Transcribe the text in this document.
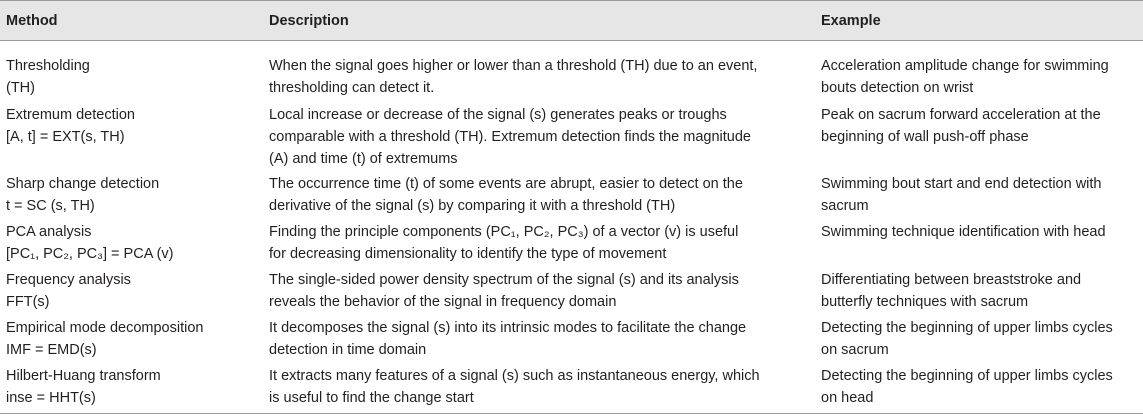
Method	Description	Example
Thresholding
(TH)
When the signal goes higher or lower than a threshold (TH) due to an event,
thresholding can detect it.
Acceleration amplitude change for swimming
bouts detection on wrist
Extremum detection
[A, t] = EXT(s, TH)
Local increase or decrease of the signal (s) generates peaks or troughs
comparable with a threshold (TH). Extremum detection finds the magnitude
(A) and time (t) of extremums
Peak on sacrum forward acceleration at the
beginning of wall push-off phase
Sharp change detection
t = SC (s, TH)
The occurrence time (t) of some events are abrupt, easier to detect on the
derivative of the signal (s) by comparing it with a threshold (TH)
Swimming bout start and end detection with
sacrum
PCA analysis
[PC₁, PC₂, PC₃] = PCA (v)
Finding the principle components (PC₁, PC₂, PC₃) of a vector (v) is useful
for decreasing dimensionality to identify the type of movement
Swimming technique identification with head
Frequency analysis
FFT(s)
The single-sided power density spectrum of the signal (s) and its analysis
reveals the behavior of the signal in frequency domain
Differentiating between breaststroke and
butterfly techniques with sacrum
Empirical mode decomposition
IMF = EMD(s)
It decomposes the signal (s) into its intrinsic modes to facilitate the change
detection in time domain
Detecting the beginning of upper limbs cycles
on sacrum
Hilbert-Huang transform
inse = HHT(s)
It extracts many features of a signal (s) such as instantaneous energy, which
is useful to find the change start
Detecting the beginning of upper limbs cycles
on head
